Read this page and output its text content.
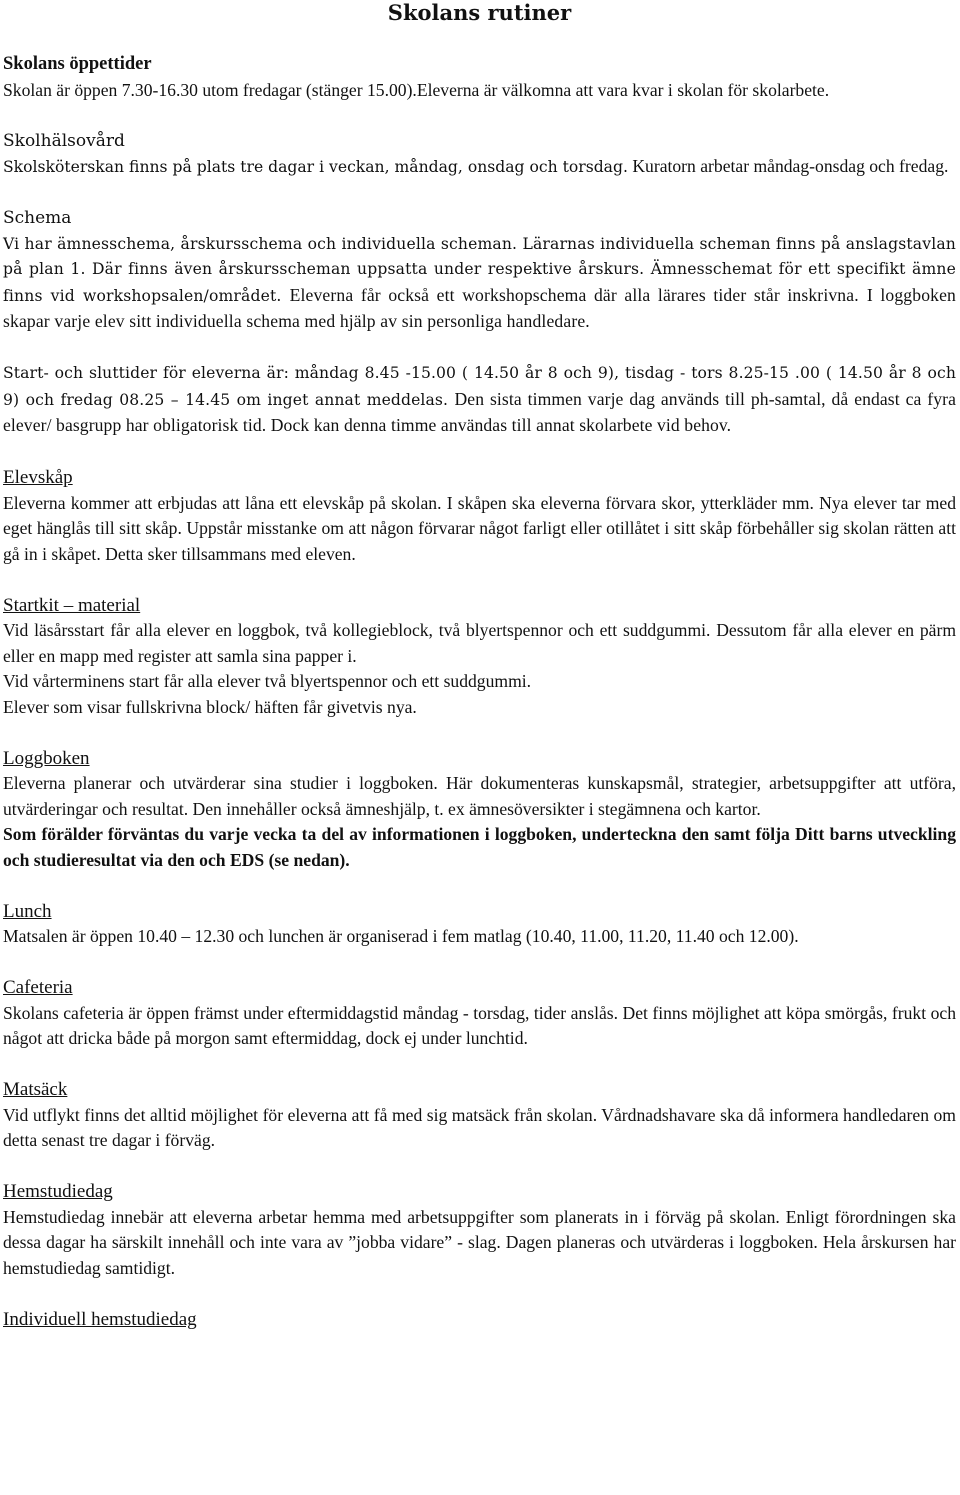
Skolans rutiner
Skolans öppettider

Skolan är öppen 7.30-16.30 utom fredagar (stänger 15.00).Eleverna är välkomna att vara kvar i skolan för skolarbete.

Skolhälsovård

Skolsköterskan finns på plats tre dagar i veckan, måndag, onsdag och torsdag. Kuratorn arbetar måndag-onsdag och fredag.

Schema

Vi har ämnesschema, årskursschema och individuella scheman. Lärarnas individuella scheman finns på anslagstavlan på plan 1. Där finns även årskursscheman uppsatta under respektive årskurs. Ämnesschemat för ett specifikt ämne finns vid workshopsalen/området. Eleverna får också ett workshopschema där alla lärares tider står inskrivna. I loggboken skapar varje elev sitt individuella schema med hjälp av sin personliga handledare.

Start- och sluttider för eleverna är: måndag 8.45 -15.00 ( 14.50 år 8 och 9), tisdag - tors 8.25-15 .00 ( 14.50 år 8 och 9) och fredag 08.25 – 14.45 om inget annat meddelas. Den sista timmen varje dag används till ph-samtal, då endast ca fyra elever/ basgrupp har obligatorisk tid. Dock kan denna timme användas till annat skolarbete vid behov.

Elevskåp

Eleverna kommer att erbjudas att låna ett elevskåp på skolan. I skåpen ska eleverna förvara skor, ytterkläder mm. Nya elever tar med eget hänglås till sitt skåp. Uppstår misstanke om att någon förvarar något farligt eller otillåtet i sitt skåp förbehåller sig skolan rätten att gå in i skåpet. Detta sker tillsammans med eleven.

Startkit – material

Vid läsårsstart får alla elever en loggbok, två kollegieblock, två blyertspennor och ett suddgummi. Dessutom får alla elever en pärm eller en mapp med register att samla sina papper i.

Vid vårterminens start får alla elever två blyertspennor och ett suddgummi.

Elever som visar fullskrivna block/ häften får givetvis nya.

Loggboken

Eleverna planerar och utvärderar sina studier i loggboken. Här dokumenteras kunskapsmål, strategier, arbetsuppgifter att utföra, utvärderingar och resultat. Den innehåller också ämneshjälp, t. ex ämnesöversikter i stegämnena och kartor.

Som förälder förväntas du varje vecka ta del av informationen i loggboken, underteckna den samt följa Ditt barns utveckling och studieresultat via den och EDS (se nedan).

Lunch

Matsalen är öppen 10.40 – 12.30 och lunchen är organiserad i fem matlag (10.40, 11.00, 11.20, 11.40 och 12.00).

Cafeteria

Skolans cafeteria är öppen främst under eftermiddagstid måndag - torsdag, tider anslås. Det finns möjlighet att köpa smörgås, frukt och något att dricka både på morgon samt eftermiddag, dock ej under lunchtid.

Matsäck

Vid utflykt finns det alltid möjlighet för eleverna att få med sig matsäck från skolan. Vårdnadshavare ska då informera handledaren om detta senast tre dagar i förväg.

Hemstudiedag

Hemstudiedag innebär att eleverna arbetar hemma med arbetsuppgifter som planerats in i förväg på skolan. Enligt förordningen ska dessa dagar ha särskilt innehåll och inte vara av ”jobba vidare” - slag. Dagen planeras och utvärderas i loggboken. Hela årskursen har hemstudiedag samtidigt.

Individuell hemstudiedag
